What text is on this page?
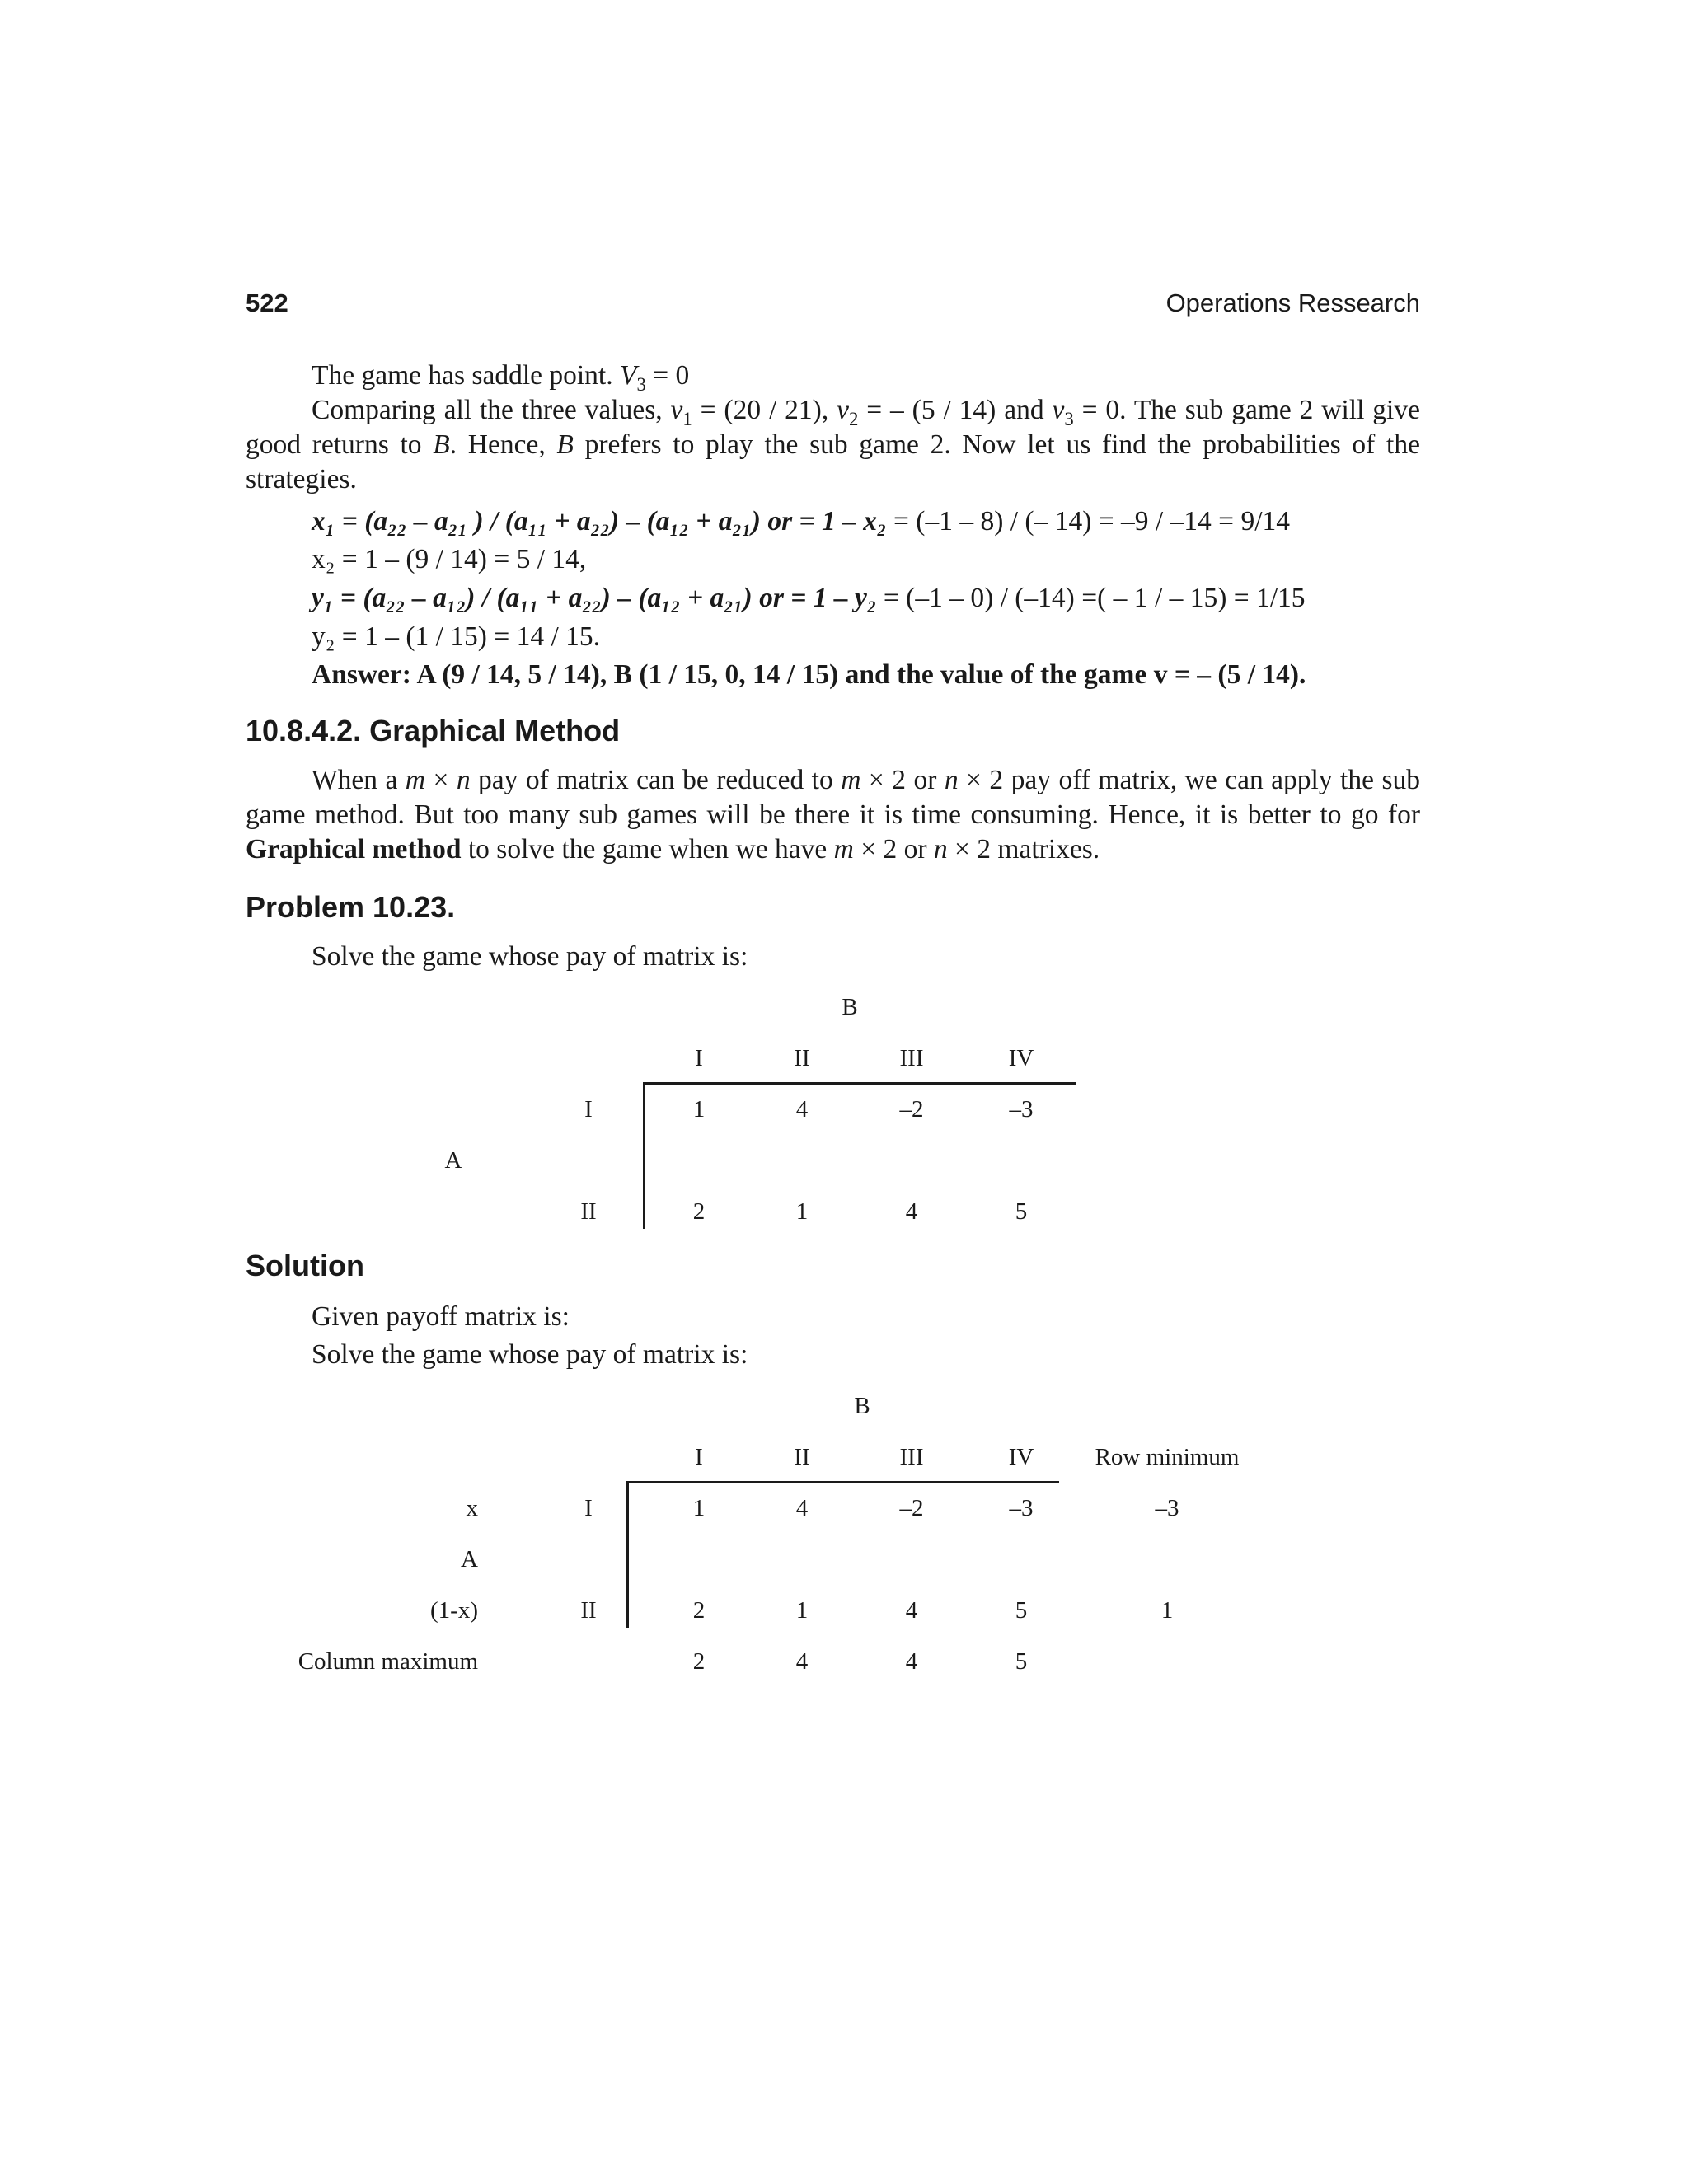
522	Operations Ressearch
The game has saddle point. $V_3 = 0$
Comparing all the three values, $v_1 = (20 / 21)$, $v_2$ = – (5 / 14) and $v_3 = 0$. The sub game 2 will give good returns to B. Hence, B prefers to play the sub game 2. Now let us find the probabilities of the strategies.
x₁ = (a₂₂ – a₂₁ ) / (a₁₁ + a₂₂) – (a₁₂ + a₂₁) or = 1 – x₂ = (–1 – 8) / (– 14) = –9 / –14 = 9/14
x₂ = 1 – (9 / 14) = 5 / 14,
y₁ = (a₂₂ – a₁₂) / (a₁₁ + a₂₂) – (a₁₂ + a₂₁) or = 1 – y₂ = (–1 – 0) / (–14) =( – 1 / – 15) = 1/15
y₂ = 1 – (1 / 15) = 14 / 15.
Answer: A (9 / 14, 5 / 14), B (1 / 15, 0, 14 / 15) and the value of the game v = – (5 / 14).
10.8.4.2. Graphical Method
When a m × n pay of matrix can be reduced to m × 2 or n × 2 pay off matrix, we can apply the sub game method. But too many sub games will be there it is time consuming. Hence, it is better to go for Graphical method to solve the game when we have m × 2 or n × 2 matrixes.
Problem 10.23.
Solve the game whose pay of matrix is:
B
I	II	III	IV
I	1	4	–2	–3
A
II	2	1	4	5
Solution
Given payoff matrix is:
Solve the game whose pay of matrix is:
B
I	II	III	IV	Row minimum
x	I	1	4	–2	–3	–3
A
(1-x)	II	2	1	4	5	1
Column maximum	2	4	4	5
